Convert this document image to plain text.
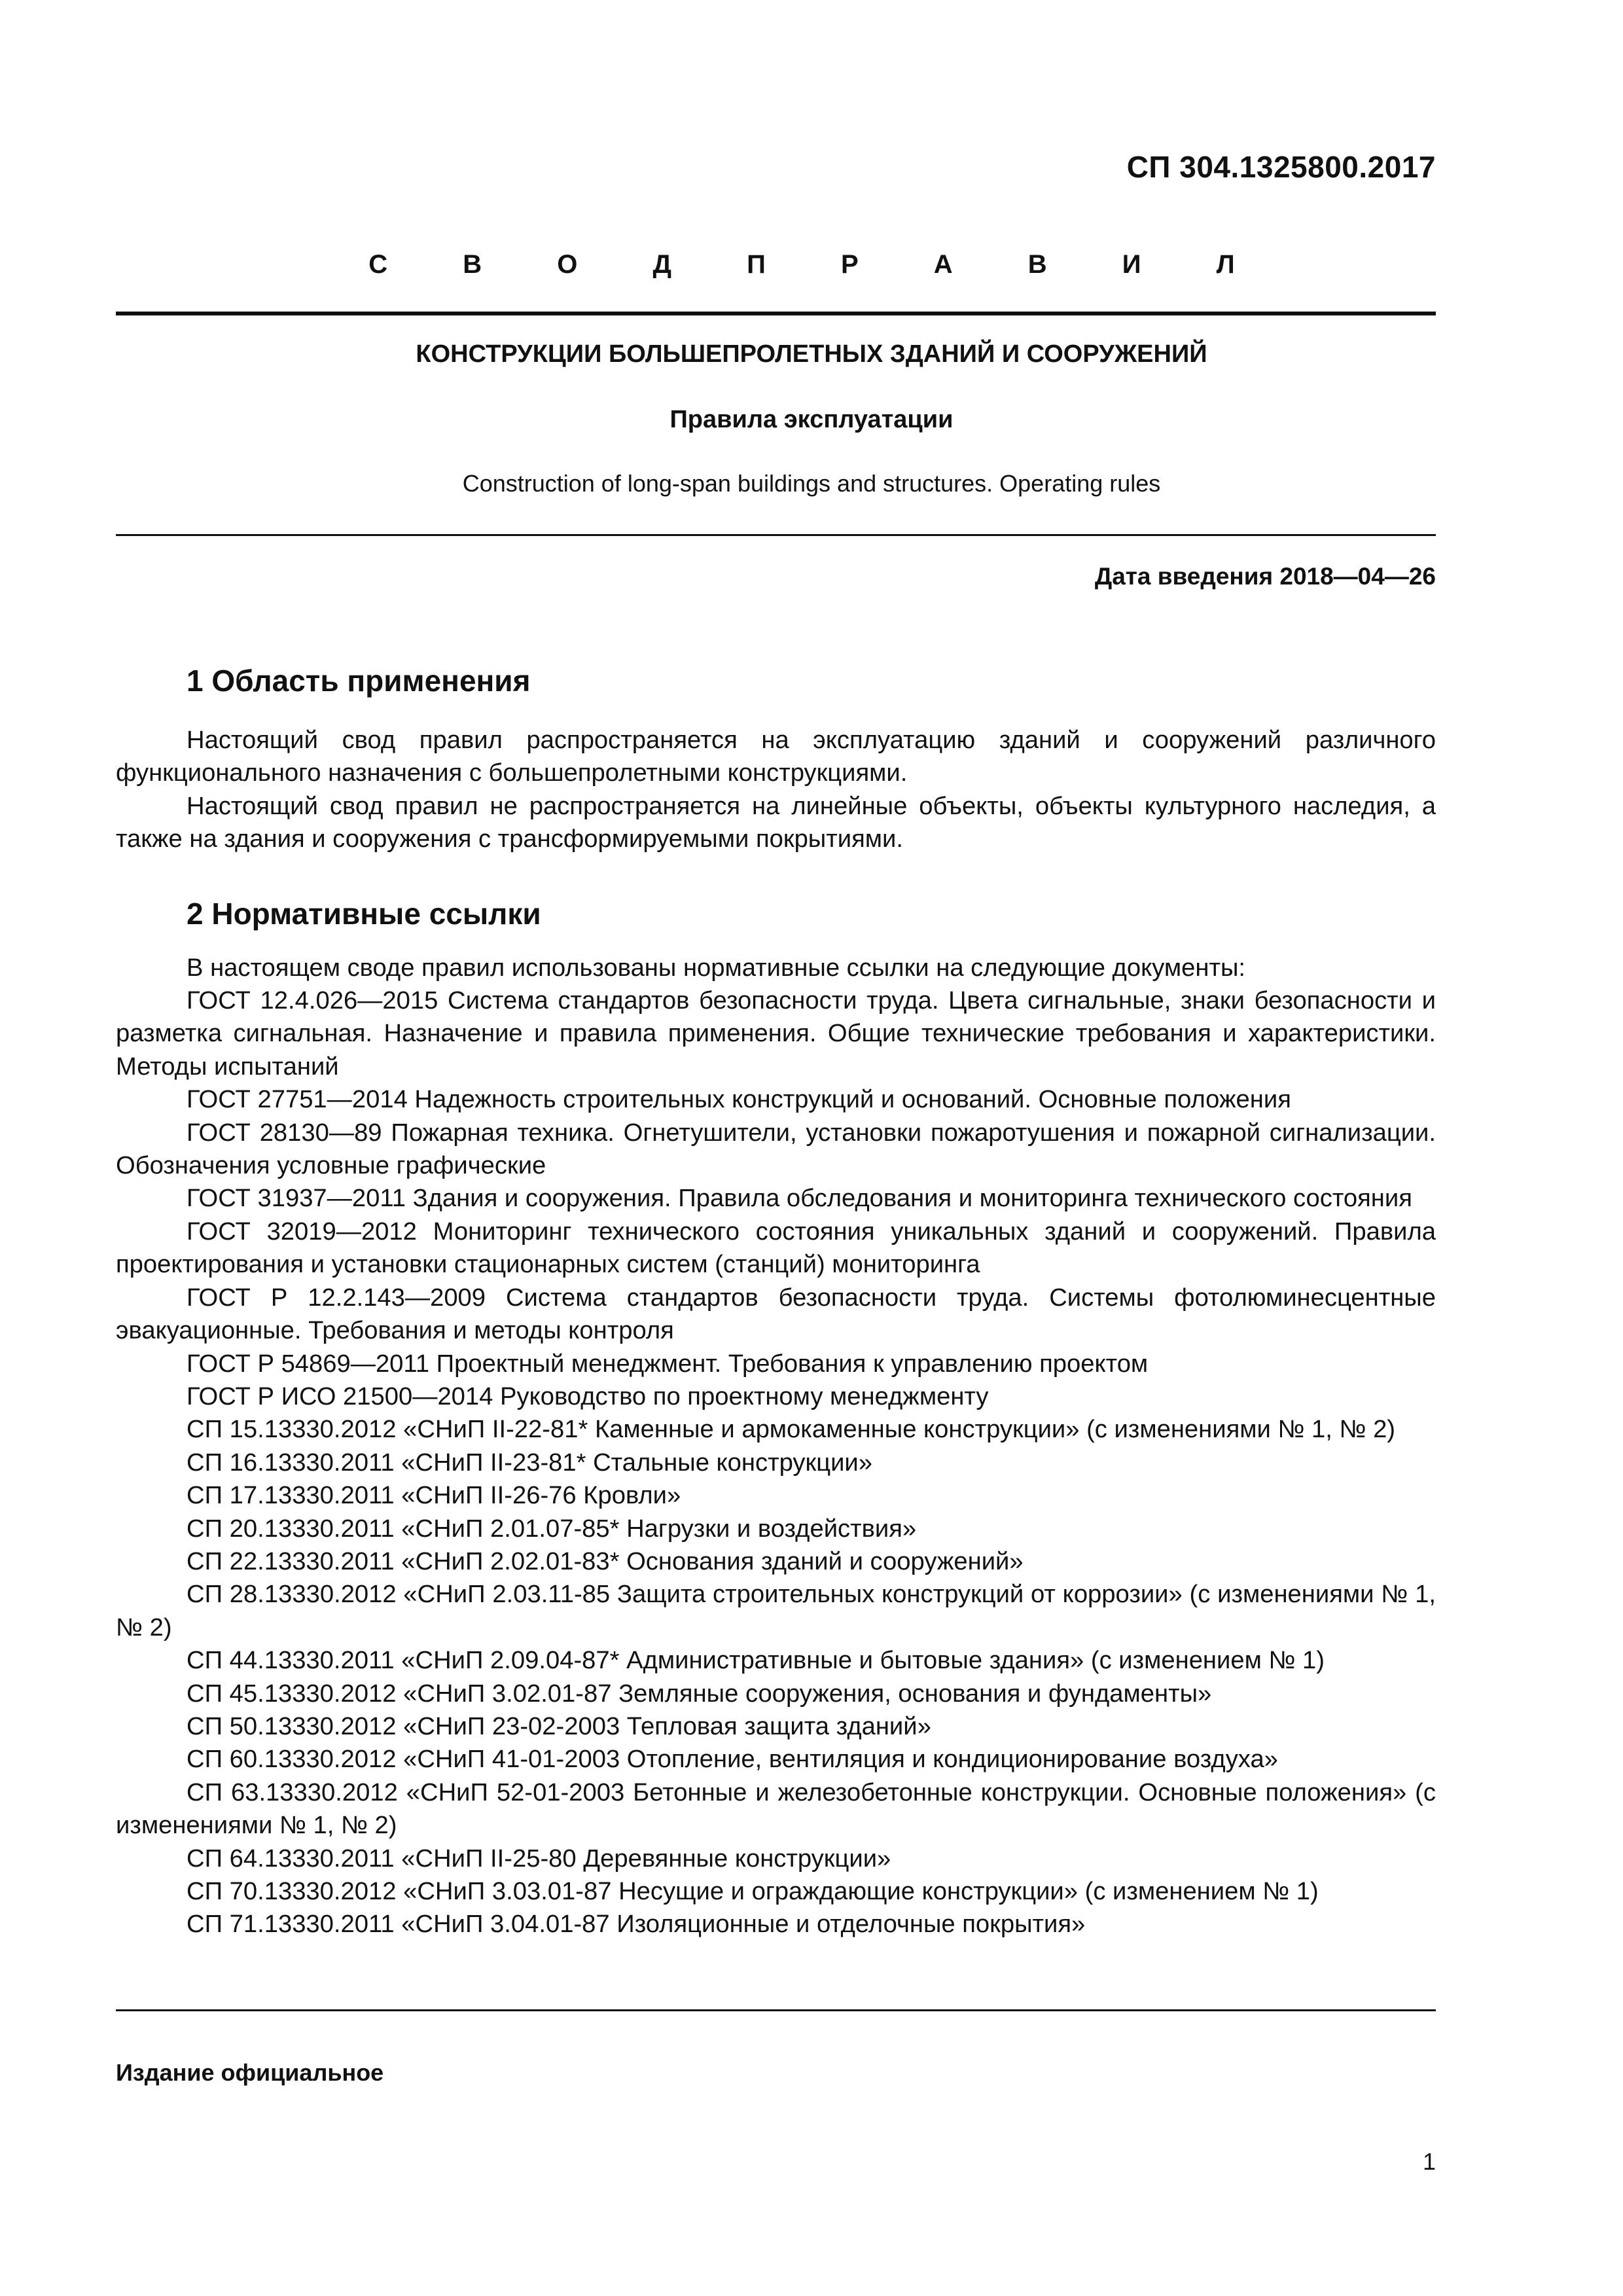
СП 304.1325800.2017
С В О Д П Р А В И Л
КОНСТРУКЦИИ БОЛЬШЕПРОЛЕТНЫХ ЗДАНИЙ И СООРУЖЕНИЙ
Правила эксплуатации
Construction of long-span buildings and structures. Operating rules
Дата введения 2018—04—26
1 Область применения

Настоящий свод правил распространяется на эксплуатацию зданий и сооружений различного функционального назначения с большепролетными конструкциями.

Настоящий свод правил не распространяется на линейные объекты, объекты культурного наследия, а также на здания и сооружения с трансформируемыми покрытиями.

2 Нормативные ссылки

В настоящем своде правил использованы нормативные ссылки на следующие документы:

ГОСТ 12.4.026—2015 Система стандартов безопасности труда. Цвета сигнальные, знаки безопасности и разметка сигнальная. Назначение и правила применения. Общие технические требования и характеристики. Методы испытаний

ГОСТ 27751—2014 Надежность строительных конструкций и оснований. Основные положения

ГОСТ 28130—89 Пожарная техника. Огнетушители, установки пожаротушения и пожарной сигнализации. Обозначения условные графические

ГОСТ 31937—2011 Здания и сооружения. Правила обследования и мониторинга технического состояния

ГОСТ 32019—2012 Мониторинг технического состояния уникальных зданий и сооружений. Правила проектирования и установки стационарных систем (станций) мониторинга

ГОСТ Р 12.2.143—2009 Система стандартов безопасности труда. Системы фотолюминесцентные эвакуационные. Требования и методы контроля

ГОСТ Р 54869—2011 Проектный менеджмент. Требования к управлению проектом

ГОСТ Р ИСО 21500—2014 Руководство по проектному менеджменту

СП 15.13330.2012 «СНиП II-22-81* Каменные и армокаменные конструкции» (с изменениями № 1, № 2)

СП 16.13330.2011 «СНиП II-23-81* Стальные конструкции»

СП 17.13330.2011 «СНиП II-26-76 Кровли»

СП 20.13330.2011 «СНиП 2.01.07-85* Нагрузки и воздействия»

СП 22.13330.2011 «СНиП 2.02.01-83* Основания зданий и сооружений»

СП 28.13330.2012 «СНиП 2.03.11-85 Защита строительных конструкций от коррозии» (с изменениями № 1, № 2)

СП 44.13330.2011 «СНиП 2.09.04-87* Административные и бытовые здания» (с изменением № 1)

СП 45.13330.2012 «СНиП 3.02.01-87 Земляные сооружения, основания и фундаменты»

СП 50.13330.2012 «СНиП 23-02-2003 Тепловая защита зданий»

СП 60.13330.2012 «СНиП 41-01-2003 Отопление, вентиляция и кондиционирование воздуха»

СП 63.13330.2012 «СНиП 52-01-2003 Бетонные и железобетонные конструкции. Основные положения» (с изменениями № 1, № 2)

СП 64.13330.2011 «СНиП II-25-80 Деревянные конструкции»

СП 70.13330.2012 «СНиП 3.03.01-87 Несущие и ограждающие конструкции» (с изменением № 1)

СП 71.13330.2011 «СНиП 3.04.01-87 Изоляционные и отделочные покрытия»

Издание официальное
1
